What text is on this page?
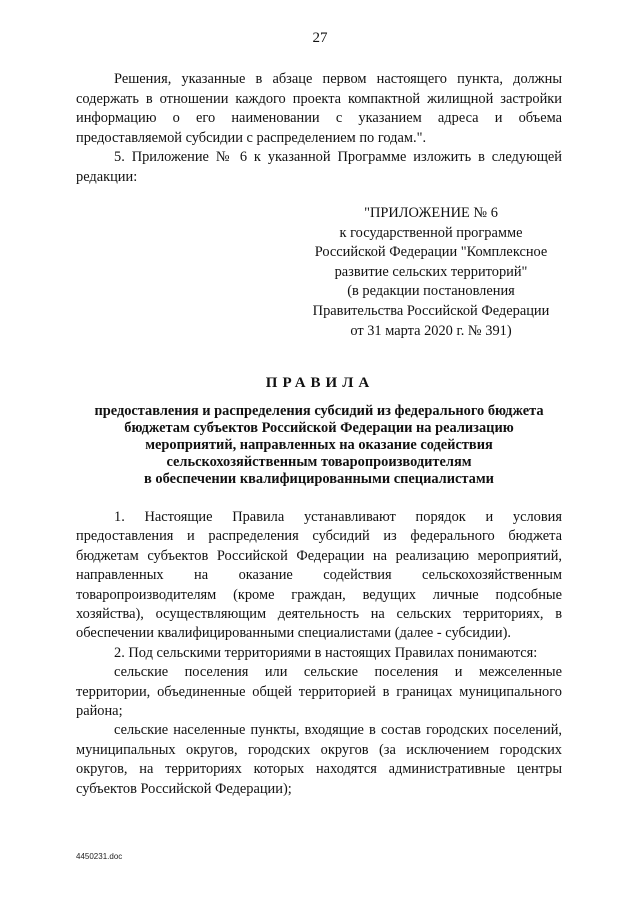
27

Решения, указанные в абзаце первом настоящего пункта, должны содержать в отношении каждого проекта компактной жилищной застройки информацию о его наименовании с указанием адреса и объема предоставляемой субсидии с распределением по годам.".

5. Приложение № 6 к указанной Программе изложить в следующей редакции:

"ПРИЛОЖЕНИЕ № 6
к государственной программе
Российской Федерации "Комплексное
развитие сельских территорий"
(в редакции постановления
Правительства Российской Федерации
от 31 марта 2020 г. № 391)
ПРАВИЛА
предоставления и распределения субсидий из федерального бюджета
бюджетам субъектов Российской Федерации на реализацию
мероприятий, направленных на оказание содействия
сельскохозяйственным товаропроизводителям
в обеспечении квалифицированными специалистами

1. Настоящие Правила устанавливают порядок и условия предоставления и распределения субсидий из федерального бюджета бюджетам субъектов Российской Федерации на реализацию мероприятий, направленных на оказание содействия сельскохозяйственным товаропроизводителям (кроме граждан, ведущих личные подсобные хозяйства), осуществляющим деятельность на сельских территориях, в обеспечении квалифицированными специалистами (далее - субсидии).

2. Под сельскими территориями в настоящих Правилах понимаются:

сельские поселения или сельские поселения и межселенные территории, объединенные общей территорией в границах муниципального района;

сельские населенные пункты, входящие в состав городских поселений, муниципальных округов, городских округов (за исключением городских округов, на территориях которых находятся административные центры субъектов Российской Федерации);

4450231.doc
